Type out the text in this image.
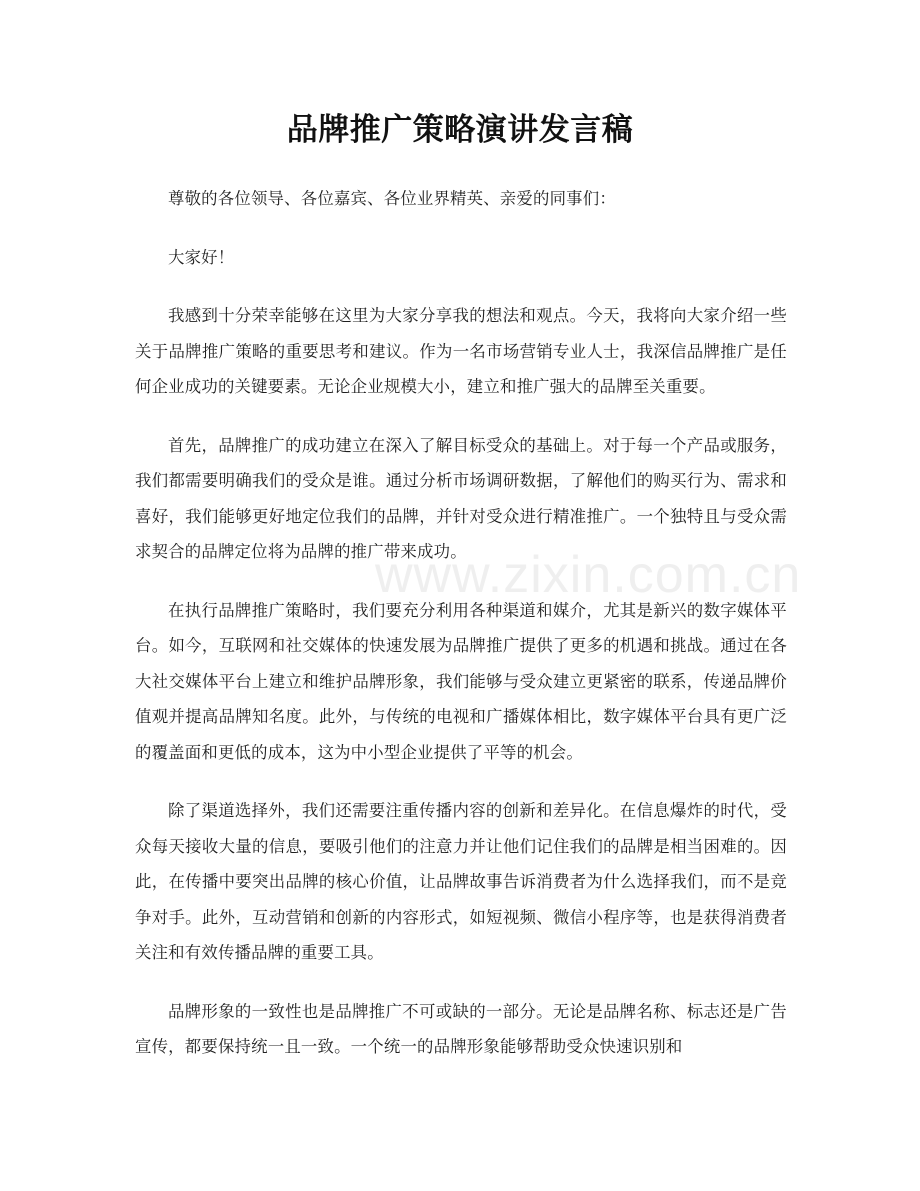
品牌推广策略演讲发言稿

尊敬的各位领导、各位嘉宾、各位业界精英、亲爱的同事们：

大家好！

我感到十分荣幸能够在这里为大家分享我的想法和观点。今天，我将向大家介绍一些关于品牌推广策略的重要思考和建议。作为一名市场营销专业人士，我深信品牌推广是任何企业成功的关键要素。无论企业规模大小，建立和推广强大的品牌至关重要。

首先，品牌推广的成功建立在深入了解目标受众的基础上。对于每一个产品或服务，我们都需要明确我们的受众是谁。通过分析市场调研数据，了解他们的购买行为、需求和喜好，我们能够更好地定位我们的品牌，并针对受众进行精准推广。一个独特且与受众需求契合的品牌定位将为品牌的推广带来成功。

在执行品牌推广策略时，我们要充分利用各种渠道和媒介，尤其是新兴的数字媒体平台。如今，互联网和社交媒体的快速发展为品牌推广提供了更多的机遇和挑战。通过在各大社交媒体平台上建立和维护品牌形象，我们能够与受众建立更紧密的联系，传递品牌价值观并提高品牌知名度。此外，与传统的电视和广播媒体相比，数字媒体平台具有更广泛的覆盖面和更低的成本，这为中小型企业提供了平等的机会。

除了渠道选择外，我们还需要注重传播内容的创新和差异化。在信息爆炸的时代，受众每天接收大量的信息，要吸引他们的注意力并让他们记住我们的品牌是相当困难的。因此，在传播中要突出品牌的核心价值，让品牌故事告诉消费者为什么选择我们，而不是竞争对手。此外，互动营销和创新的内容形式，如短视频、微信小程序等，也是获得消费者关注和有效传播品牌的重要工具。

品牌形象的一致性也是品牌推广不可或缺的一部分。无论是品牌名称、标志还是广告宣传，都要保持统一且一致。一个统一的品牌形象能够帮助受众快速识别和

www.zixin.com.cn
